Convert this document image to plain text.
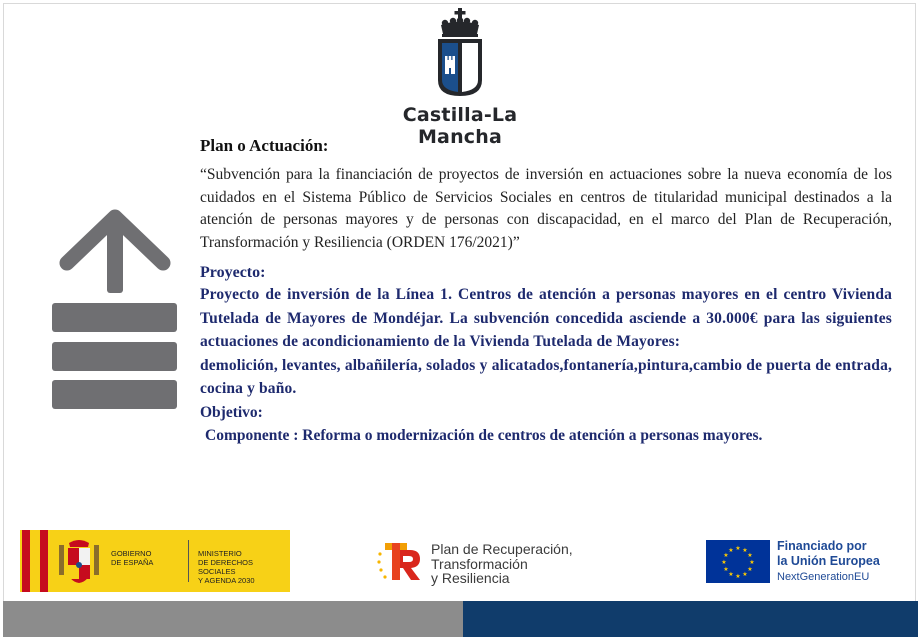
Castilla-La Mancha

Plan o Actuación:

“Subvención para la financiación de proyectos de inversión en actuaciones sobre la nueva economía de los cuidados en el Sistema Público de Servicios Sociales en centros de titularidad municipal destinados a la atención de personas mayores y de personas con discapacidad, en el marco del Plan de Recuperación, Transformación y Resiliencia (ORDEN 176/2021)”

Proyecto:

Proyecto de inversión de la Línea 1. Centros de atención a personas mayores en el centro Vivienda Tutelada de Mayores de Mondéjar. La subvención concedida asciende a 30.000€ para las siguientes actuaciones de acondicionamiento de la Vivienda Tutelada de Mayores:

demolición, levantes, albañilería, solados y alicatados,fontanería,pintura,cambio de puerta de entrada, cocina y baño.

Objetivo:

Componente : Reforma o modernización de centros de atención a personas mayores.

GOBIERNO
DE ESPAÑA
MINISTERIO
DE DERECHOS SOCIALES
Y AGENDA 2030
Plan de Recuperación,
Transformación
y Resiliencia
★ ★
★
★
★
★
★
★
★
★
★
★	Financiado por
la Unión Europea
NextGenerationEU
